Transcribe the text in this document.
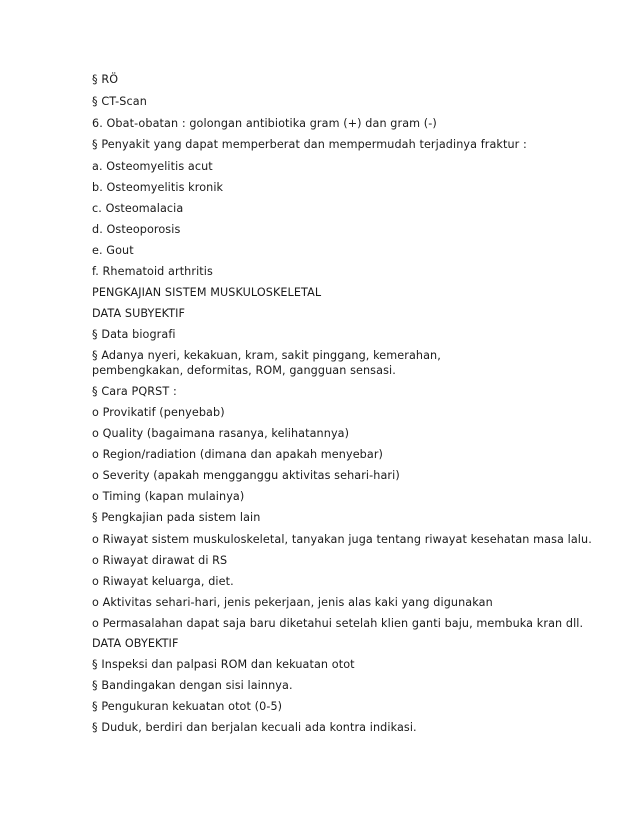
§ RÖ
§ CT-Scan
6. Obat-obatan : golongan antibiotika gram (+) dan gram (-)
§ Penyakit yang dapat memperberat dan mempermudah terjadinya fraktur :
a. Osteomyelitis acut
b. Osteomyelitis kronik
c. Osteomalacia
d. Osteoporosis
e. Gout
f. Rhematoid arthritis
PENGKAJIAN SISTEM MUSKULOSKELETAL
DATA SUBYEKTIF
§ Data biografi
§ Adanya nyeri, kekakuan, kram, sakit pinggang, kemerahan, pembengkakan, deformitas, ROM, gangguan sensasi.
§ Cara PQRST :
o Provikatif (penyebab)
o Quality (bagaimana rasanya, kelihatannya)
o Region/radiation (dimana dan apakah menyebar)
o Severity (apakah mengganggu aktivitas sehari-hari)
o Timing (kapan mulainya)
§ Pengkajian pada sistem lain
o Riwayat sistem muskuloskeletal, tanyakan juga tentang riwayat kesehatan masa lalu.
o Riwayat dirawat di RS
o Riwayat keluarga, diet.
o Aktivitas sehari-hari, jenis pekerjaan, jenis alas kaki yang digunakan
o Permasalahan dapat saja baru diketahui setelah klien ganti baju, membuka kran dll.
DATA OBYEKTIF
§ Inspeksi dan palpasi ROM dan kekuatan otot
§ Bandingakan dengan sisi lainnya.
§ Pengukuran kekuatan otot (0-5)
§ Duduk, berdiri dan berjalan kecuali ada kontra indikasi.
